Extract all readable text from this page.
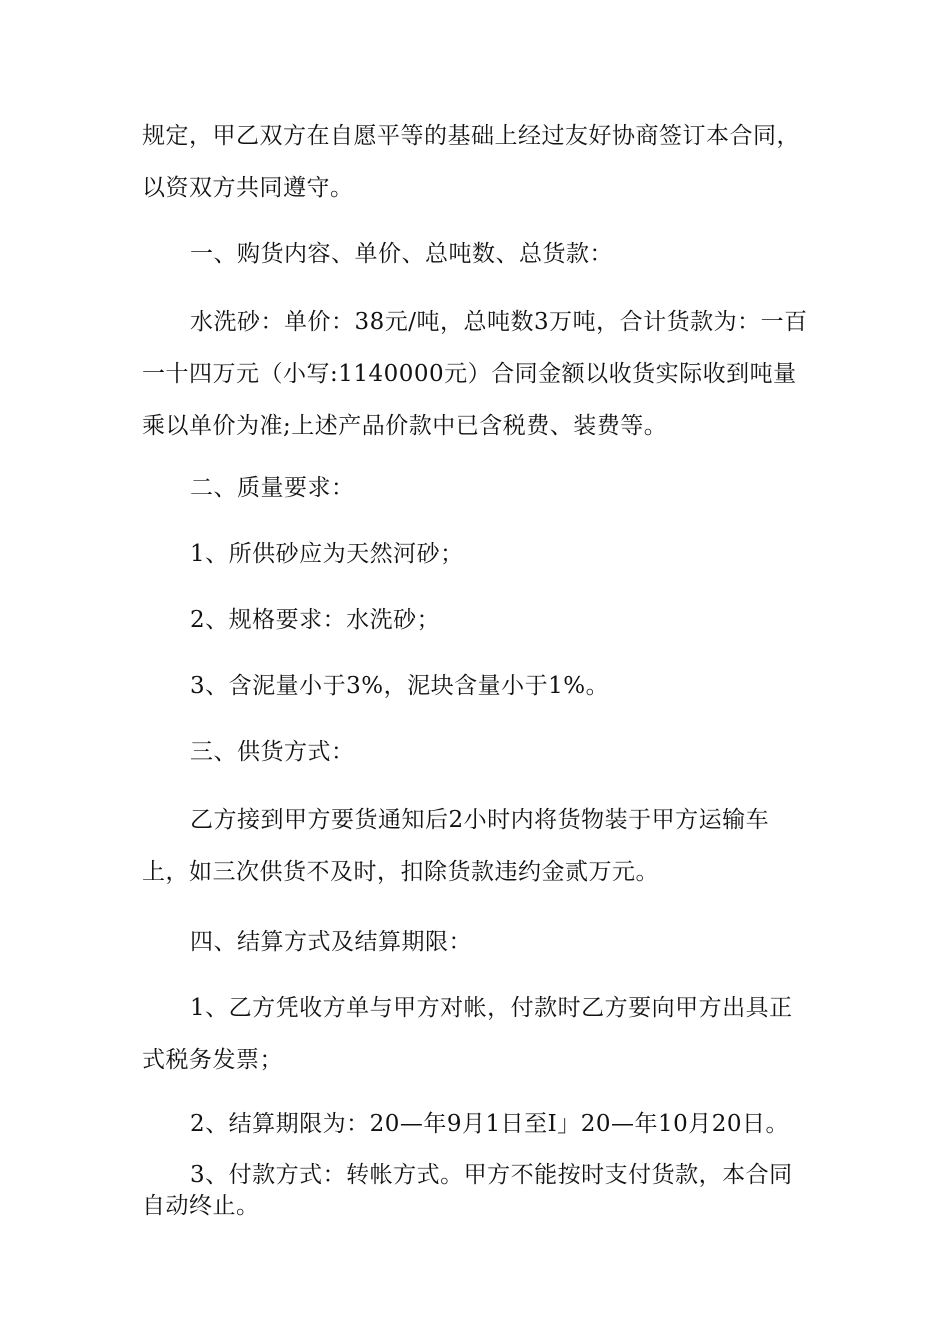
规定，甲乙双方在自愿平等的基础上经过友好协商签订本合同，以资双方共同遵守。

一、购货内容、单价、总吨数、总货款：

水洗砂：单价：38元/吨，总吨数3万吨，合计货款为：一百一十四万元（小写:1140000元）合同金额以收货实际收到吨量乘以单价为准;上述产品价款中已含税费、装费等。

二、质量要求：

1、所供砂应为天然河砂；

2、规格要求：水洗砂；

3、含泥量小于3%，泥块含量小于1%。

三、供货方式：

乙方接到甲方要货通知后2小时内将货物装于甲方运输车上，如三次供货不及时，扣除货款违约金贰万元。

四、结算方式及结算期限：

1、乙方凭收方单与甲方对帐，付款时乙方要向甲方出具正式税务发票；

2、结算期限为：20—年9月1日至I」20—年10月20日。

3、付款方式：转帐方式。甲方不能按时支付货款，本合同自动终止。
